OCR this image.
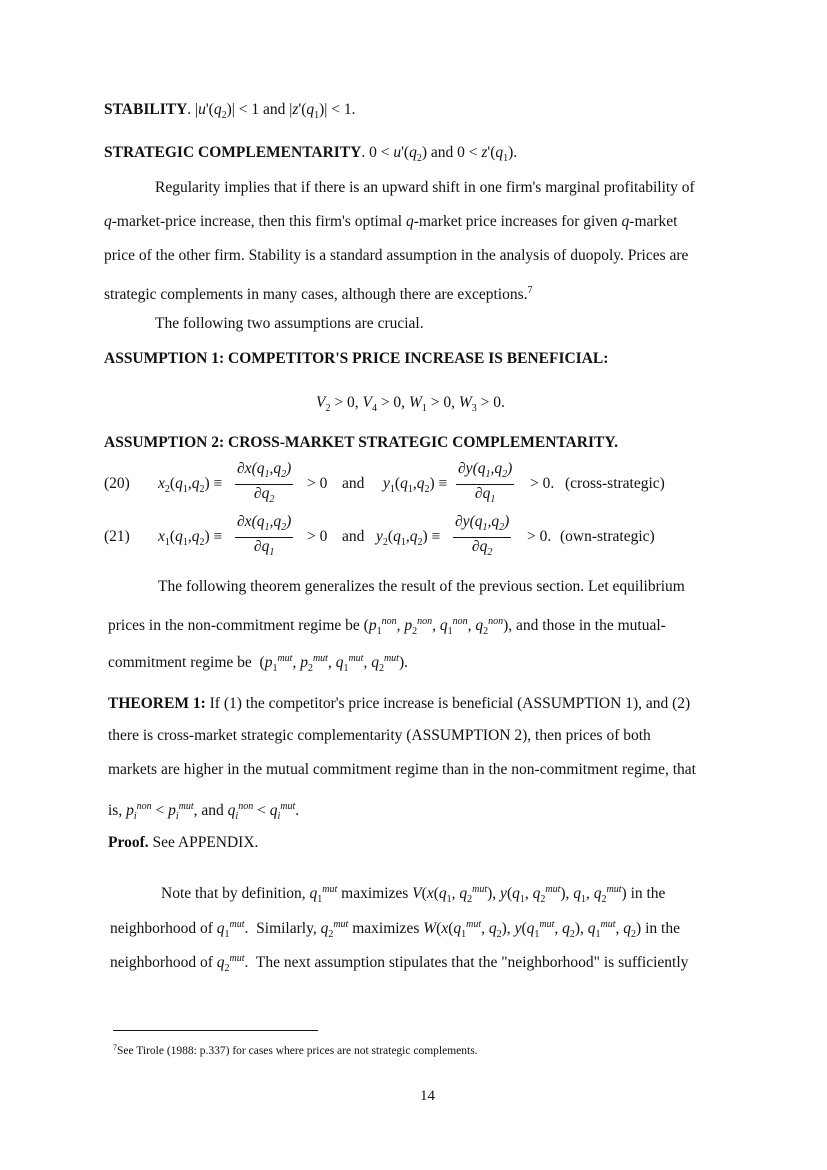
STABILITY. $|u'(q_2)| < 1$ and $|z'(q_1)| < 1$.
STRATEGIC COMPLEMENTARITY. $0 < u'(q_2)$ and $0 < z'(q_1)$.
Regularity implies that if there is an upward shift in one firm's marginal profitability of
q-market-price increase, then this firm's optimal q-market price increases for given q-market
price of the other firm. Stability is a standard assumption in the analysis of duopoly. Prices are
strategic complements in many cases, although there are exceptions.$^7$
The following two assumptions are crucial.
ASSUMPTION 1: COMPETITOR'S PRICE INCREASE IS BENEFICIAL:
$V_2 > 0$, $V_4 > 0$, $W_1 > 0$, $W_3 > 0$.
ASSUMPTION 2: CROSS-MARKET STRATEGIC COMPLEMENTARITY.
(20) $x_2(q_1,q_2) \equiv \frac{\partial x(q_1,q_2)}{\partial q_2} > 0$ and $y_1(q_1,q_2) \equiv \frac{\partial y(q_1,q_2)}{\partial q_1} > 0$. (cross-strategic)
(21) $x_1(q_1,q_2) \equiv \frac{\partial x(q_1,q_2)}{\partial q_1} > 0$ and $y_2(q_1,q_2) \equiv \frac{\partial y(q_1,q_2)}{\partial q_2} > 0$. (own-strategic)
The following theorem generalizes the result of the previous section. Let equilibrium
prices in the non-commitment regime be ($p_1^{non}$, $p_2^{non}$, $q_1^{non}$, $q_2^{non}$), and those in the mutual-
commitment regime be  ($p_1^{mut}$, $p_2^{mut}$, $q_1^{mut}$, $q_2^{mut}$).
THEOREM 1: If (1) the competitor's price increase is beneficial (ASSUMPTION 1), and (2)
there is cross-market strategic complementarity (ASSUMPTION 2), then prices of both
markets are higher in the mutual commitment regime than in the non-commitment regime, that
is, $p_i^{non} < p_i^{mut}$, and $q_i^{non} < q_i^{mut}$.
Proof. See APPENDIX.
Note that by definition, $q_1^{mut}$ maximizes $V(x(q_1$, $q_2^{mut}$), $y(q_1$, $q_2^{mut}$), $q_1$, $q_2^{mut}$) in the
neighborhood of $q_1^{mut}$.  Similarly, $q_2^{mut}$ maximizes $W(x(q_1^{mut}$, $q_2$), $y(q_1^{mut}$, $q_2$), $q_1^{mut}$, $q_2$) in the
neighborhood of $q_2^{mut}$.  The next assumption stipulates that the "neighborhood" is sufficiently
$^7$See Tirole (1988: p.337) for cases where prices are not strategic complements.
14
